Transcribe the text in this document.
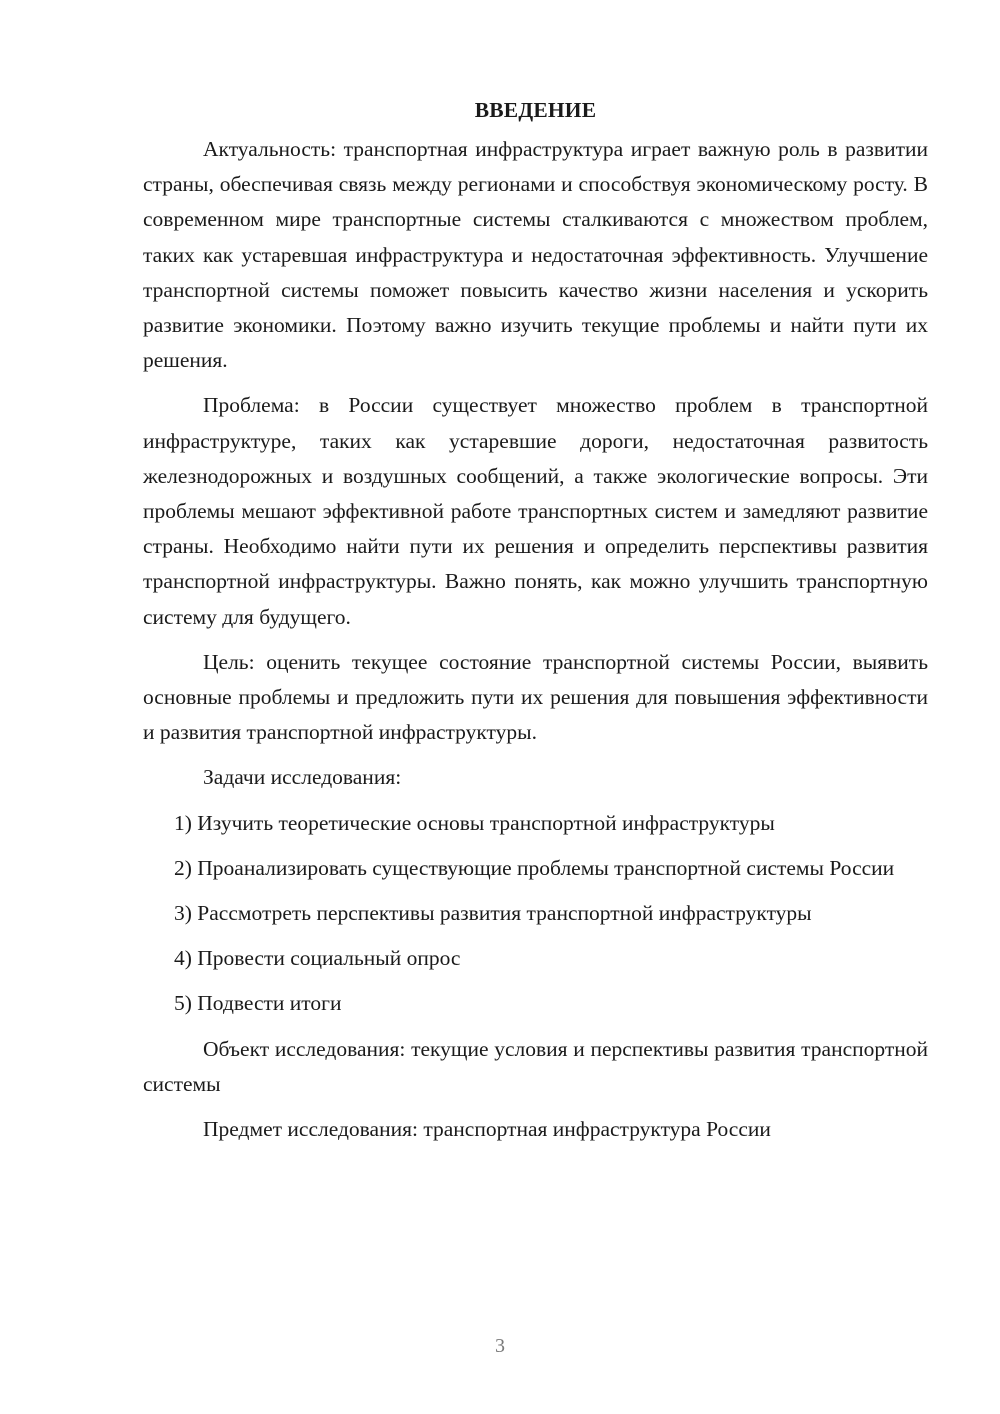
ВВЕДЕНИЕ

Актуальность: транспортная инфраструктура играет важную роль в развитии страны, обеспечивая связь между регионами и способствуя экономическому росту. В современном мире транспортные системы сталкиваются с множеством проблем, таких как устаревшая инфраструктура и недостаточная эффективность. Улучшение транспортной системы поможет повысить качество жизни населения и ускорить развитие экономики. Поэтому важно изучить текущие проблемы и найти пути их решения.

Проблема: в России существует множество проблем в транспортной инфраструктуре, таких как устаревшие дороги, недостаточная развитость железнодорожных и воздушных сообщений, а также экологические вопросы. Эти проблемы мешают эффективной работе транспортных систем и замедляют развитие страны. Необходимо найти пути их решения и определить перспективы развития транспортной инфраструктуры. Важно понять, как можно улучшить транспортную систему для будущего.

Цель: оценить текущее состояние транспортной системы России, выявить основные проблемы и предложить пути их решения для повышения эффективности и развития транспортной инфраструктуры.

Задачи исследования:

1) Изучить теоретические основы транспортной инфраструктуры

2) Проанализировать существующие проблемы транспортной системы России

3) Рассмотреть перспективы развития транспортной инфраструктуры

4) Провести социальный опрос

5) Подвести итоги

Объект исследования: текущие условия и перспективы развития транспортной системы

Предмет исследования: транспортная инфраструктура России

3
